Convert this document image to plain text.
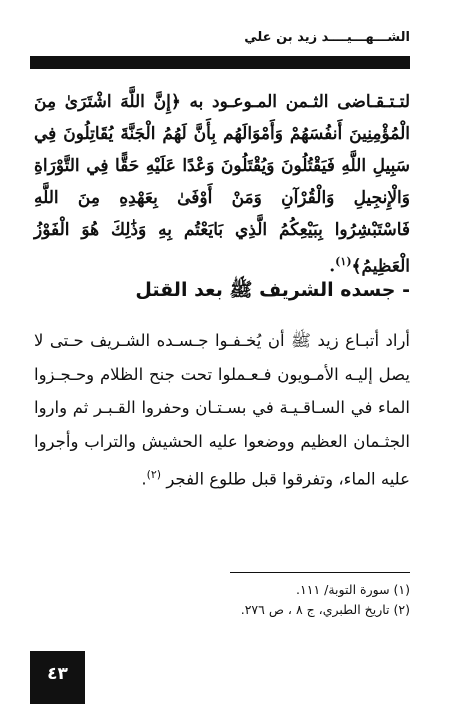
الشـــهـــيــــد زيد بن علي
لتـتـقـاضى الثـمن المـوعـود به ﴿إِنَّ اللَّهَ اشْتَرَىٰ مِنَ الْمُؤْمِنِينَ أَنفُسَهُمْ وَأَمْوَالَهُم بِأَنَّ لَهُمُ الْجَنَّةَ يُقَاتِلُونَ فِي سَبِيلِ اللَّهِ فَيَقْتُلُونَ وَيُقْتَلُونَ وَعْدًا عَلَيْهِ حَقًّا فِي التَّوْرَاةِ وَالْإِنجِيلِ وَالْقُرْآنِ وَمَنْ أَوْفَىٰ بِعَهْدِهِ مِنَ اللَّهِ فَاسْتَبْشِرُوا بِبَيْعِكُمُ الَّذِي بَايَعْتُم بِهِ وَذَٰلِكَ هُوَ الْفَوْزُ الْعَظِيمُ﴾$^{(١)}$.
- جسده الشريف ﷺ بعد القتل
أراد أتبـاع زيد ﷺ أن يُخـفـوا جـسـده الشـريف حـتى لا يصل إليـه الأمـويون فـعـملوا تحت جنح الظلام وحـجـزوا الماء في السـاقـيـة في بسـتـان وحفروا القـبـر ثم واروا الجثـمان العظيم ووضعوا عليه الحشيش والتراب وأجروا عليه الماء، وتفرقوا قبل طلوع الفجر $^{(٢)}$.
(١) سورة التوبة/ ١١١.
(٢) تاريخ الطبري، ج ٨ ، ص ٢٧٦.
٤٣
